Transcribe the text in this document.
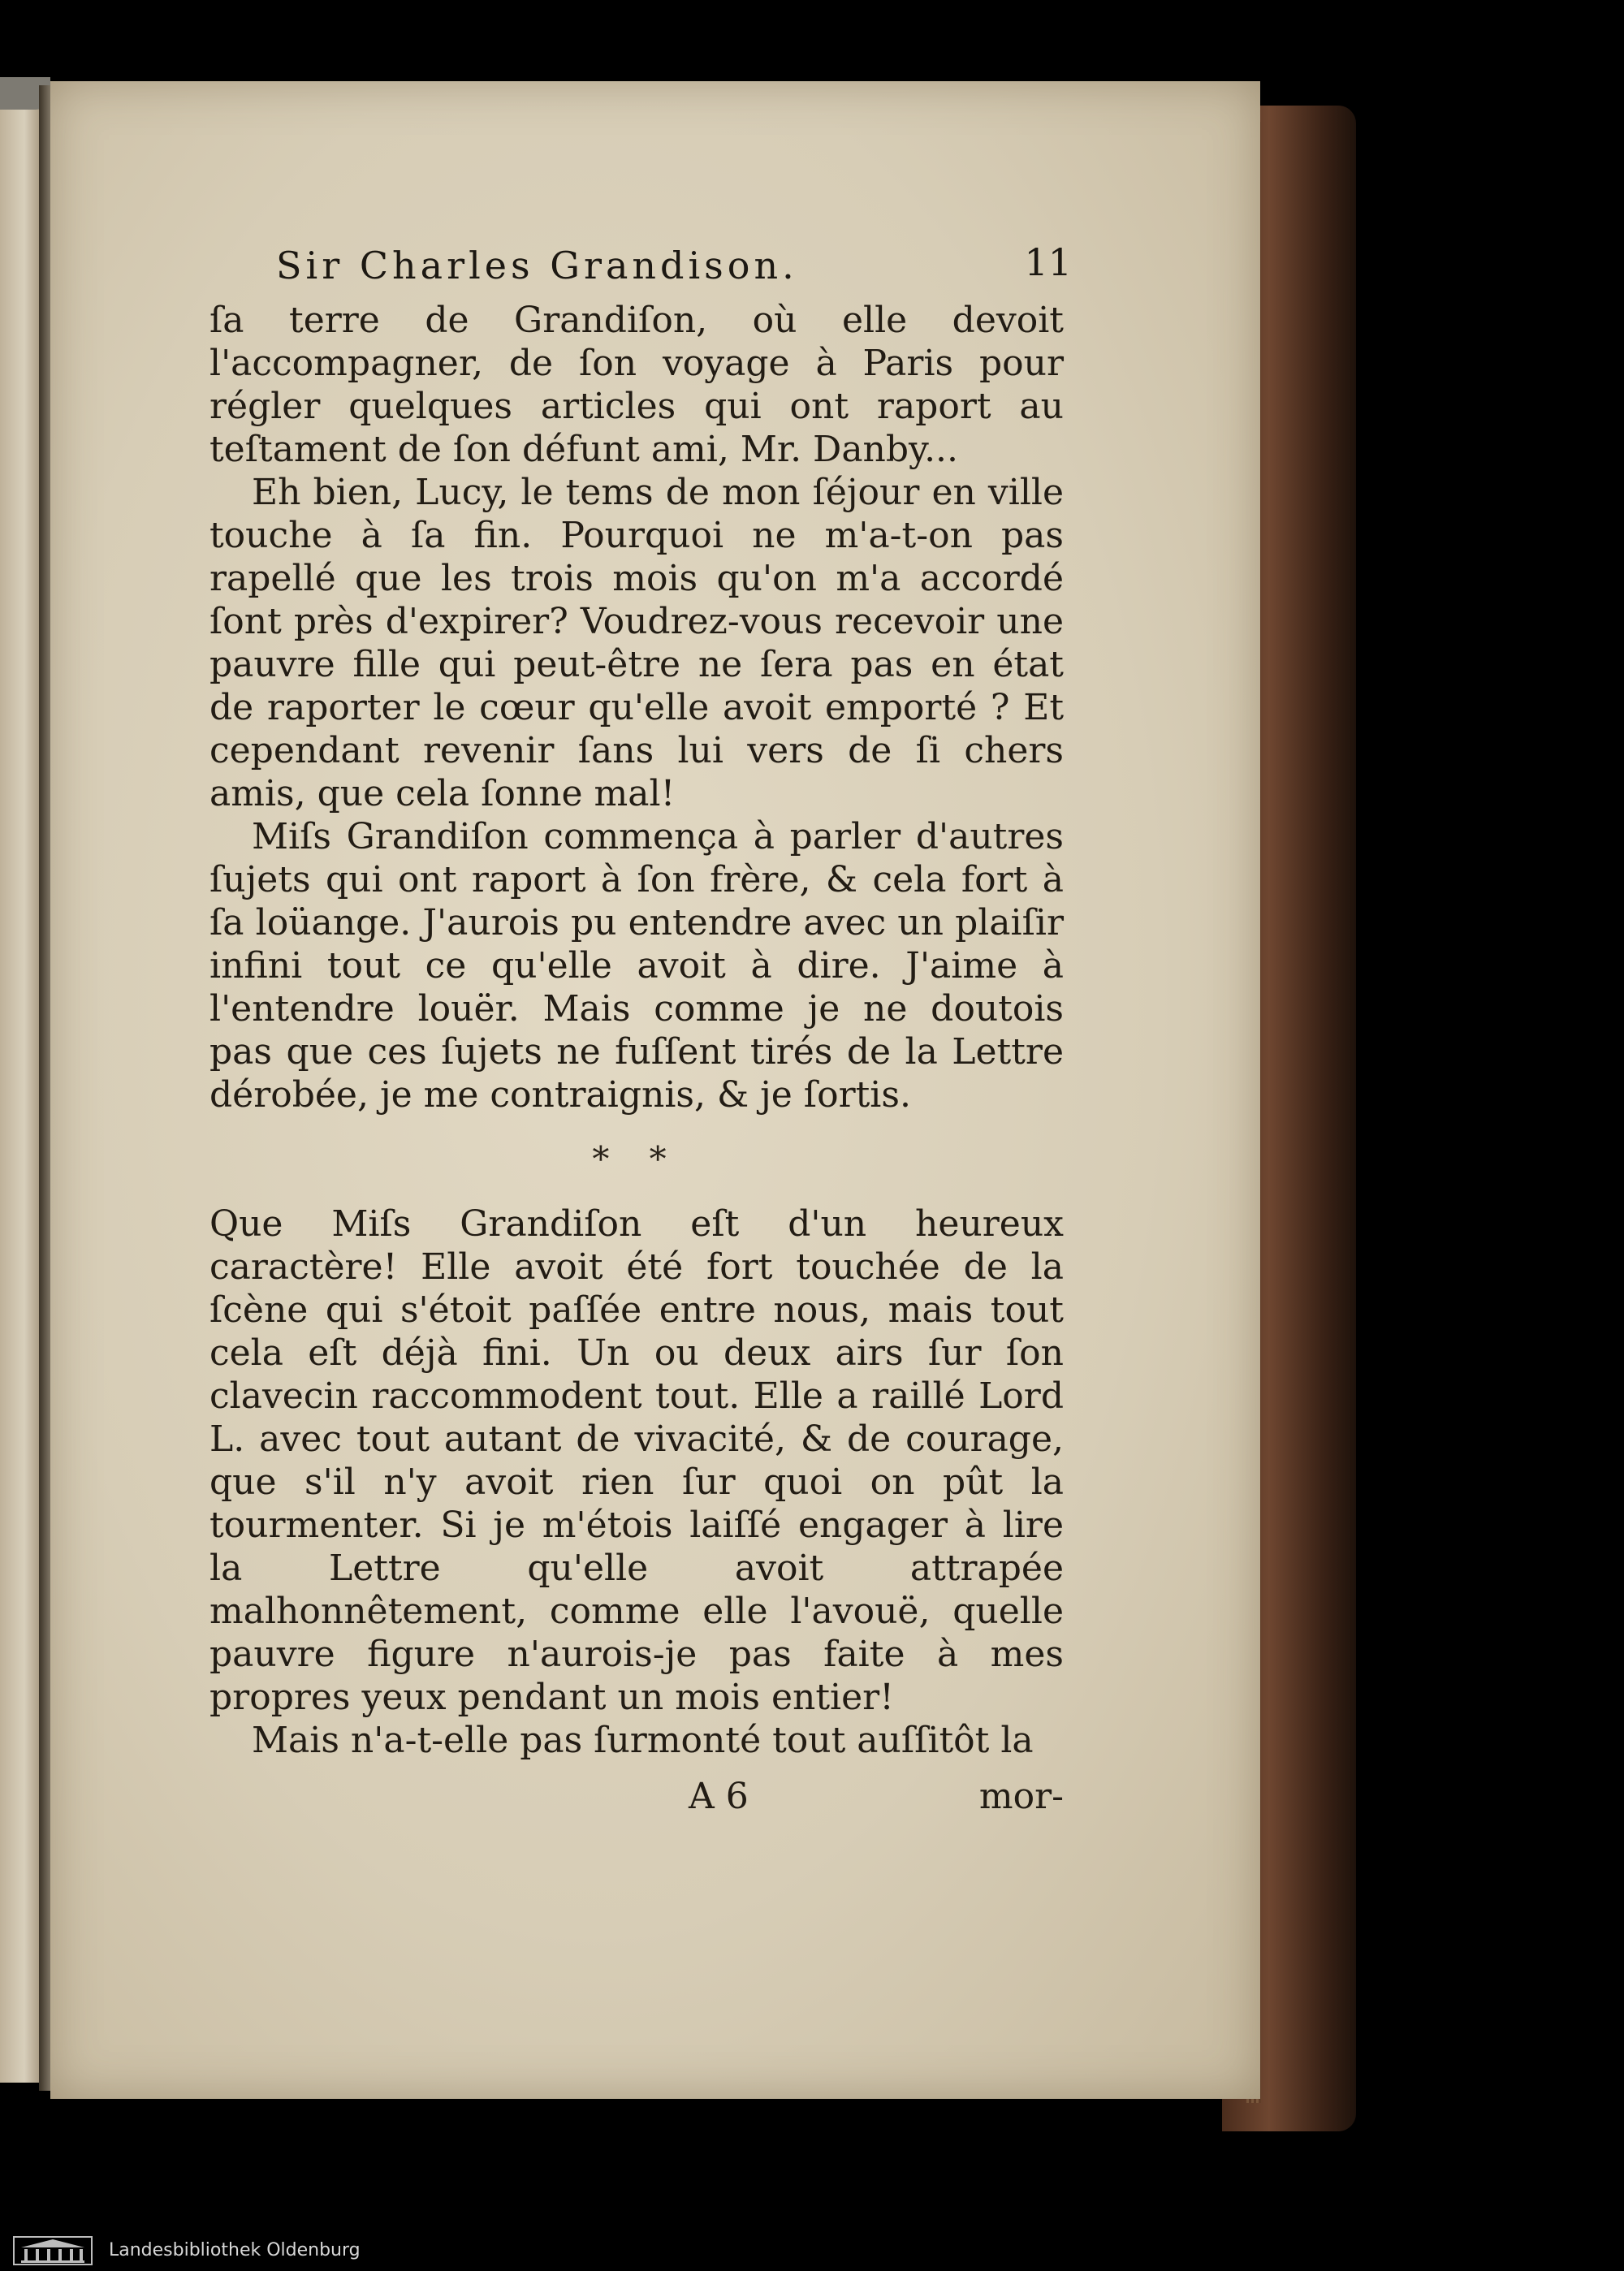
Sir Charles Grandison.	11

ſa terre de Grandiſon, où elle devoit l'accompagner, de ſon voyage à Paris pour régler quelques articles qui ont raport au teſtament de ſon défunt ami, Mr. Danby...

Eh bien, Lucy, le tems de mon ſéjour en ville touche à ſa fin. Pourquoi ne m'a-t-on pas rapellé que les trois mois qu'on m'a accordé ſont près d'expirer? Voudrez-vous recevoir une pauvre fille qui peut-être ne ſera pas en état de raporter le cœur qu'elle avoit emporté ? Et cependant revenir ſans lui vers de ſi chers amis, que cela ſonne mal!

Miſs Grandiſon commença à parler d'autres ſujets qui ont raport à ſon frère, & cela fort à ſa loüange. J'aurois pu entendre avec un plaiſir infini tout ce qu'elle avoit à dire. J'aime à l'entendre louër. Mais comme je ne doutois pas que ces ſujets ne fuſſent tirés de la Lettre dérobée, je me contraignis, & je ſortis.

* *

Que Miſs Grandiſon eſt d'un heureux caractère! Elle avoit été fort touchée de la ſcène qui s'étoit paſſée entre nous, mais tout cela eſt déjà fini. Un ou deux airs ſur ſon clavecin raccommodent tout. Elle a raillé Lord L. avec tout autant de vivacité, & de courage, que s'il n'y avoit rien ſur quoi on pût la tourmenter. Si je m'étois laiſſé engager à lire la Lettre qu'elle avoit attrapée malhonnêtement, comme elle l'avouë, quelle pauvre figure n'aurois-je pas faite à mes propres yeux pendant un mois entier!

Mais n'a-t-elle pas ſurmonté tout auſſitôt la

A 6	mor-
Landesbibliothek Oldenburg
